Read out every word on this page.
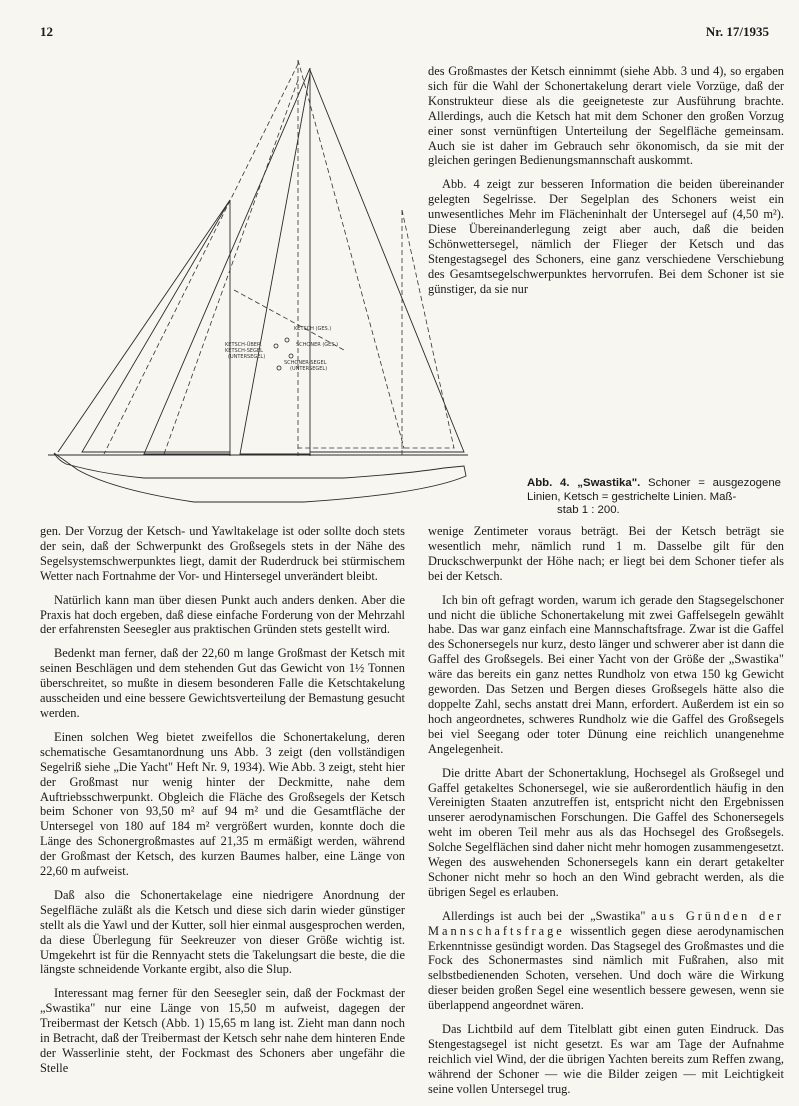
12	Nr. 17/1935
KETSCH (GES.)
KETSCH-ÜBER.
KETSCH-SEGEL
(UNTERSEGEL)
SCHONER (GES.)
SCHONER-SEGEL
(UNTERSEGEL)
Abb. 4. „Swastika". Schoner = ausgezogene Linien, Ketsch = gestrichelte Linien. Maß-
stab 1 : 200.

des Großmastes der Ketsch einnimmt (siehe Abb. 3 und 4), so ergaben sich für die Wahl der Schonertakelung derart viele Vorzüge, daß der Konstrukteur diese als die geeigneteste zur Ausführung brachte. Allerdings, auch die Ketsch hat mit dem Schoner den großen Vorzug einer sonst vernünftigen Unterteilung der Segelfläche gemeinsam. Auch sie ist daher im Gebrauch sehr ökonomisch, da sie mit der gleichen geringen Bedienungsmannschaft auskommt.

Abb. 4 zeigt zur besseren Information die beiden übereinander gelegten Segelrisse. Der Segelplan des Schoners weist ein unwesentliches Mehr im Flächeninhalt der Untersegel auf (4,50 m²). Diese Übereinanderlegung zeigt aber auch, daß die beiden Schönwettersegel, nämlich der Flieger der Ketsch und das Stengestagsegel des Schoners, eine ganz verschiedene Verschiebung des Gesamtsegelschwerpunktes hervorrufen. Bei dem Schoner ist sie günstiger, da sie nur

gen. Der Vorzug der Ketsch- und Yawltakelage ist oder sollte doch stets der sein, daß der Schwerpunkt des Großsegels stets in der Nähe des Segelsystemschwerpunktes liegt, damit der Ruderdruck bei stürmischem Wetter nach Fortnahme der Vor- und Hintersegel unverändert bleibt.

Natürlich kann man über diesen Punkt auch anders denken. Aber die Praxis hat doch ergeben, daß diese einfache Forderung von der Mehrzahl der erfahrensten Seesegler aus praktischen Gründen stets gestellt wird.

Bedenkt man ferner, daß der 22,60 m lange Großmast der Ketsch mit seinen Beschlägen und dem stehenden Gut das Gewicht von 1½ Tonnen überschreitet, so mußte in diesem besonderen Falle die Ketschtakelung ausscheiden und eine bessere Gewichtsverteilung der Bemastung gesucht werden.

Einen solchen Weg bietet zweifellos die Schonertakelung, deren schematische Gesamtanordnung uns Abb. 3 zeigt (den vollständigen Segelriß siehe „Die Yacht" Heft Nr. 9, 1934). Wie Abb. 3 zeigt, steht hier der Großmast nur wenig hinter der Deckmitte, nahe dem Auftriebsschwerpunkt. Obgleich die Fläche des Großsegels der Ketsch beim Schoner von 93,50 m² auf 94 m² und die Gesamtfläche der Untersegel von 180 auf 184 m² vergrößert wurden, konnte doch die Länge des Schonergroßmastes auf 21,35 m ermäßigt werden, während der Großmast der Ketsch, des kurzen Baumes halber, eine Länge von 22,60 m aufweist.

Daß also die Schonertakelage eine niedrigere Anordnung der Segelfläche zuläßt als die Ketsch und diese sich darin wieder günstiger stellt als die Yawl und der Kutter, soll hier einmal ausgesprochen werden, da diese Überlegung für Seekreuzer von dieser Größe wichtig ist. Umgekehrt ist für die Rennyacht stets die Takelungsart die beste, die die längste schneidende Vorkante ergibt, also die Slup.

Interessant mag ferner für den Seesegler sein, daß der Fockmast der „Swastika" nur eine Länge von 15,50 m aufweist, dagegen der Treibermast der Ketsch (Abb. 1) 15,65 m lang ist. Zieht man dann noch in Betracht, daß der Treibermast der Ketsch sehr nahe dem hinteren Ende der Wasserlinie steht, der Fockmast des Schoners aber ungefähr die Stelle

wenige Zentimeter voraus beträgt. Bei der Ketsch beträgt sie wesentlich mehr, nämlich rund 1 m. Dasselbe gilt für den Druckschwerpunkt der Höhe nach; er liegt bei dem Schoner tiefer als bei der Ketsch.

Ich bin oft gefragt worden, warum ich gerade den Stagsegelschoner und nicht die übliche Schonertakelung mit zwei Gaffelsegeln gewählt habe. Das war ganz einfach eine Mannschaftsfrage. Zwar ist die Gaffel des Schonersegels nur kurz, desto länger und schwerer aber ist dann die Gaffel des Großsegels. Bei einer Yacht von der Größe der „Swastika" wäre das bereits ein ganz nettes Rundholz von etwa 150 kg Gewicht geworden. Das Setzen und Bergen dieses Großsegels hätte also die doppelte Zahl, sechs anstatt drei Mann, erfordert. Außerdem ist ein so hoch angeordnetes, schweres Rundholz wie die Gaffel des Großsegels bei viel Seegang oder toter Dünung eine reichlich unangenehme Angelegenheit.

Die dritte Abart der Schonertaklung, Hochsegel als Großsegel und Gaffel getakeltes Schonersegel, wie sie außerordentlich häufig in den Vereinigten Staaten anzutreffen ist, entspricht nicht den Ergebnissen unserer aerodynamischen Forschungen. Die Gaffel des Schonersegels weht im oberen Teil mehr aus als das Hochsegel des Großsegels. Solche Segelflächen sind daher nicht mehr homogen zusammengesetzt. Wegen des auswehenden Schonersegels kann ein derart getakelter Schoner nicht mehr so hoch an den Wind gebracht werden, als die übrigen Segel es erlauben.

Allerdings ist auch bei der „Swastika" aus Gründen der Mannschaftsfrage wissentlich gegen diese aerodynamischen Erkenntnisse gesündigt worden. Das Stagsegel des Großmastes und die Fock des Schonermastes sind nämlich mit Fußrahen, also mit selbstbedienenden Schoten, versehen. Und doch wäre die Wirkung dieser beiden großen Segel eine wesentlich bessere gewesen, wenn sie überlappend angeordnet wären.

Das Lichtbild auf dem Titelblatt gibt einen guten Eindruck. Das Stengestagsegel ist nicht gesetzt. Es war am Tage der Aufnahme reichlich viel Wind, der die übrigen Yachten bereits zum Reffen zwang, während der Schoner — wie die Bilder zeigen — mit Leichtigkeit seine vollen Untersegel trug.
